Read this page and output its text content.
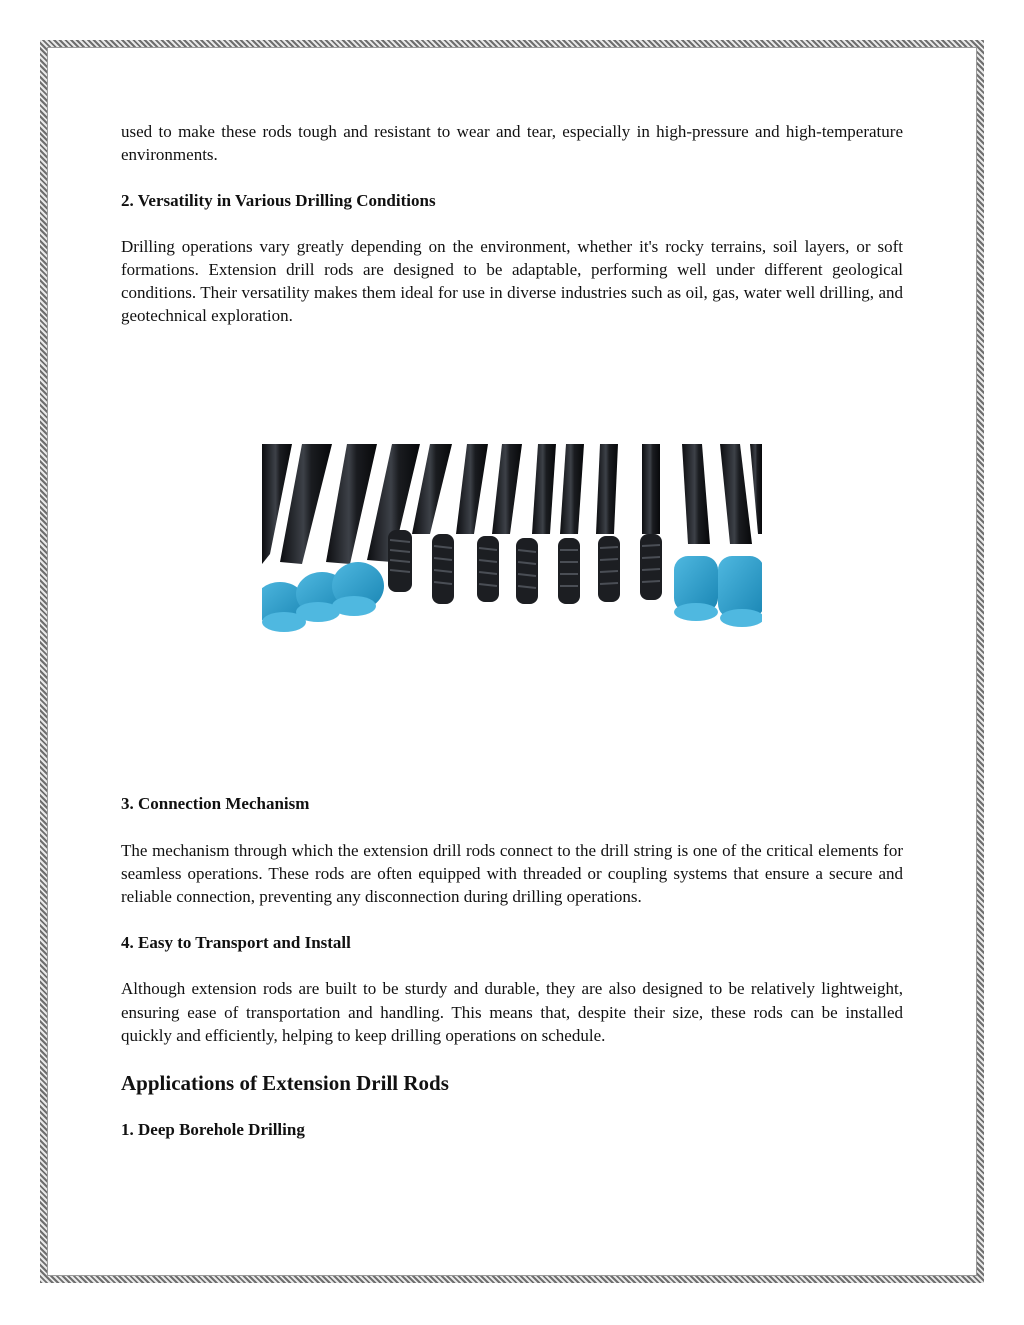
used to make these rods tough and resistant to wear and tear, especially in high-pressure and high-temperature environments.

2. Versatility in Various Drilling Conditions

Drilling operations vary greatly depending on the environment, whether it's rocky terrains, soil layers, or soft formations. Extension drill rods are designed to be adaptable, performing well under different geological conditions. Their versatility makes them ideal for use in diverse industries such as oil, gas, water well drilling, and geotechnical exploration.

3. Connection Mechanism

The mechanism through which the extension drill rods connect to the drill string is one of the critical elements for seamless operations. These rods are often equipped with threaded or coupling systems that ensure a secure and reliable connection, preventing any disconnection during drilling operations.

4. Easy to Transport and Install

Although extension rods are built to be sturdy and durable, they are also designed to be relatively lightweight, ensuring ease of transportation and handling. This means that, despite their size, these rods can be installed quickly and efficiently, helping to keep drilling operations on schedule.

Applications of Extension Drill Rods

1. Deep Borehole Drilling
